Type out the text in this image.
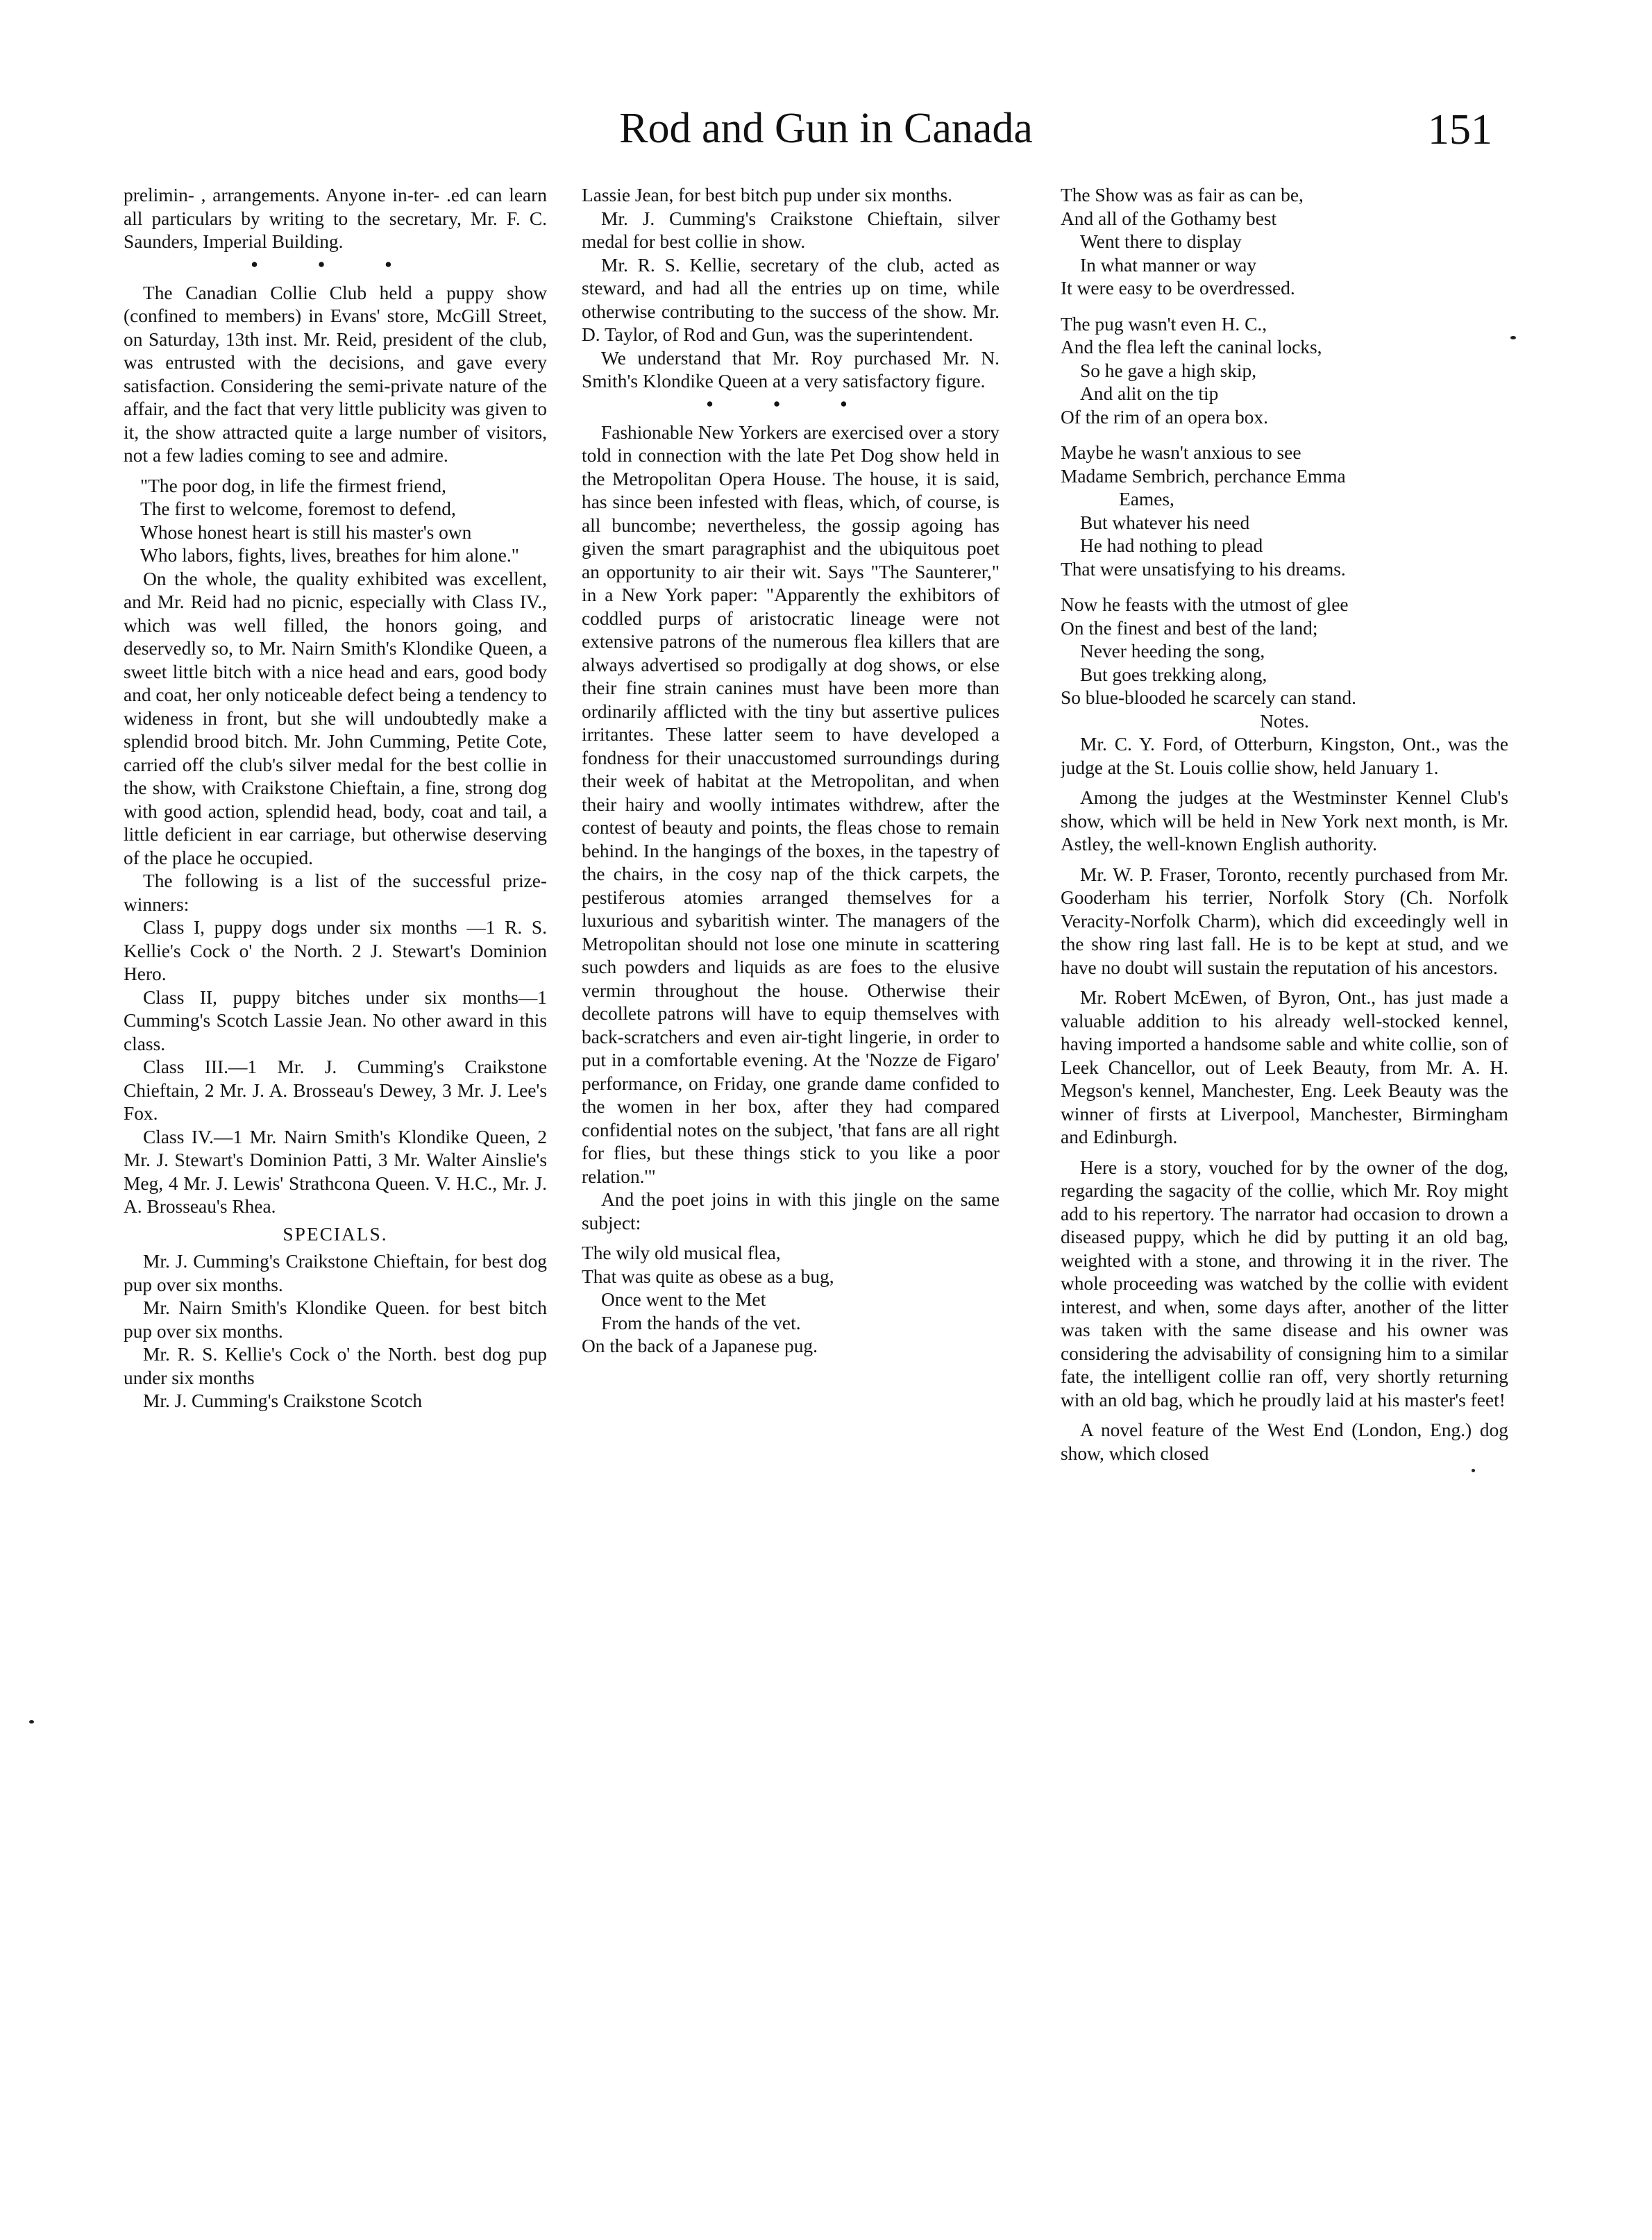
Rod and Gun in Canada	151

prelimin⁠- , arrangements. Anyone in-ter⁠- ⁠.ed can learn all particulars by writing to the secretary, Mr. F. C. Saunders, Imperial Building.

• • •

The Canadian Collie Club held a puppy show (confined to members) in Evans' store, McGill Street, on Saturday, 13th inst. Mr. Reid, president of the club, was entrusted with the decisions, and gave every satisfaction. Considering the semi-private nature of the affair, and the fact that very little publicity was given to it, the show attracted quite a large number of visitors, not a few ladies coming to see and admire.

"The poor dog, in life the firmest friend,

The first to welcome, foremost to defend,

Whose honest heart is still his master's own

Who labors, fights, lives, breathes for him alone."

On the whole, the quality exhibited was excellent, and Mr. Reid had no picnic, especially with Class IV., which was well filled, the honors going, and deservedly so, to Mr. Nairn Smith's Klondike Queen, a sweet little bitch with a nice head and ears, good body and coat, her only noticeable defect being a tendency to wideness in front, but she will undoubtedly make a splendid brood bitch. Mr. John Cumming, Petite Cote, carried off the club's silver medal for the best collie in the show, with Craikstone Chieftain, a fine, strong dog with good action, splendid head, body, coat and tail, a little deficient in ear carriage, but otherwise deserving of the place he occupied.

The following is a list of the successful prize-winners:

Class I, puppy dogs under six months —1 R. S. Kellie's Cock o' the North. 2 J. Stewart's Dominion Hero.

Class II, puppy bitches under six months—1 Cumming's Scotch Lassie Jean. No other award in this class.

Class III.—1 Mr. J. Cumming's Craikstone Chieftain, 2 Mr. J. A. Brosseau's Dewey, 3 Mr. J. Lee's Fox.

Class IV.—1 Mr. Nairn Smith's Klondike Queen, 2 Mr. J. Stewart's Dominion Patti, 3 Mr. Walter Ainslie's Meg, 4 Mr. J. Lewis' Strathcona Queen. V. H.C., Mr. J. A. Brosseau's Rhea.

SPECIALS.

Mr. J. Cumming's Craikstone Chieftain, for best dog pup over six months.

Mr. Nairn Smith's Klondike Queen. for best bitch pup over six months.

Mr. R. S. Kellie's Cock o' the North. best dog pup under six months

Mr. J. Cumming's Craikstone Scotch

Lassie Jean, for best bitch pup under six months.

Mr. J. Cumming's Craikstone Chieftain, silver medal for best collie in show.

Mr. R. S. Kellie, secretary of the club, acted as steward, and had all the entries up on time, while otherwise contributing to the success of the show. Mr. D. Taylor, of Rod and Gun, was the superintendent.

We understand that Mr. Roy purchased Mr. N. Smith's Klondike Queen at a very satisfactory figure.

• • •

Fashionable New Yorkers are exercised over a story told in connection with the late Pet Dog show held in the Metropolitan Opera House. The house, it is said, has since been infested with fleas, which, of course, is all buncombe; nevertheless, the gossip agoing has given the smart paragraphist and the ubiquitous poet an opportunity to air their wit. Says "The Saunterer," in a New York paper: "Apparently the exhibitors of coddled purps of aristocratic lineage were not extensive patrons of the numerous flea killers that are always advertised so prodigally at dog shows, or else their fine strain canines must have been more than ordinarily afflicted with the tiny but assertive pulices irritantes. These latter seem to have developed a fondness for their unaccustomed surroundings during their week of habitat at the Metropolitan, and when their hairy and woolly intimates withdrew, after the contest of beauty and points, the fleas chose to remain behind. In the hangings of the boxes, in the tapestry of the chairs, in the cosy nap of the thick carpets, the pestiferous atomies arranged themselves for a luxurious and sybaritish winter. The managers of the Metropolitan should not lose one minute in scattering such powders and liquids as are foes to the elusive vermin throughout the house. Otherwise their decollete patrons will have to equip themselves with back-scratchers and even air-tight lingerie, in order to put in a comfortable evening. At the 'Nozze de Figaro' performance, on Friday, one grande dame confided to the women in her box, after they had compared confidential notes on the subject, 'that fans are all right for flies, but these things stick to you like a poor relation.'"

And the poet joins in with this jingle on the same subject:

The wily old musical flea,

That was quite as obese as a bug,

Once went to the Met

From the hands of the vet.

On the back of a Japanese pug.

The Show was as fair as can be,

And all of the Gothamy best

Went there to display

In what manner or way

It were easy to be overdressed.

The pug wasn't even H. C.,

And the flea left the caninal locks,

So he gave a high skip,

And alit on the tip

Of the rim of an opera box.

Maybe he wasn't anxious to see

Madame Sembrich, perchance Emma

Eames,

But whatever his need

He had nothing to plead

That were unsatisfying to his dreams.

Now he feasts with the utmost of glee

On the finest and best of the land;

Never heeding the song,

But goes trekking along,

So blue-blooded he scarcely can stand.

Notes.

Mr. C. Y. Ford, of Otterburn, Kingston, Ont., was the judge at the St. Louis collie show, held January 1.

Among the judges at the Westminster Kennel Club's show, which will be held in New York next month, is Mr. Astley, the well-known English authority.

Mr. W. P. Fraser, Toronto, recently purchased from Mr. Gooderham his terrier, Norfolk Story (Ch. Norfolk Veracity-Norfolk Charm), which did exceedingly well in the show ring last fall. He is to be kept at stud, and we have no doubt will sustain the reputation of his ancestors.

Mr. Robert McEwen, of Byron, Ont., has just made a valuable addition to his already well-stocked kennel, having imported a handsome sable and white collie, son of Leek Chancellor, out of Leek Beauty, from Mr. A. H. Megson's kennel, Manchester, Eng. Leek Beauty was the winner of firsts at Liverpool, Manchester, Birmingham and Edinburgh.

Here is a story, vouched for by the owner of the dog, regarding the sagacity of the collie, which Mr. Roy might add to his repertory. The narrator had occasion to drown a diseased puppy, which he did by putting it an old bag, weighted with a stone, and throwing it in the river. The whole proceeding was watched by the collie with evident interest, and when, some days after, another of the litter was taken with the same disease and his owner was considering the advisability of consigning him to a similar fate, the intelligent collie ran off, very shortly returning with an old bag, which he proudly laid at his master's feet!

A novel feature of the West End (London, Eng.) dog show, which closed
